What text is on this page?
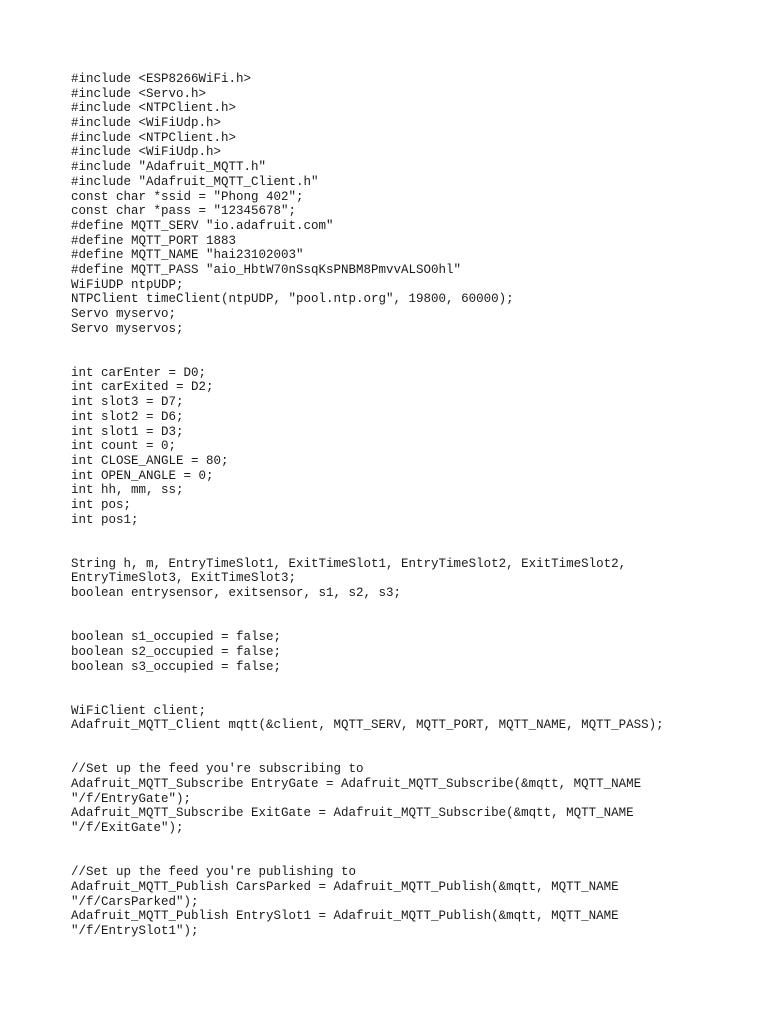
#include <ESP8266WiFi.h>
#include <Servo.h>
#include <NTPClient.h>
#include <WiFiUdp.h>
#include <NTPClient.h>
#include <WiFiUdp.h>
#include "Adafruit_MQTT.h"
#include "Adafruit_MQTT_Client.h"
const char *ssid = "Phong 402";
const char *pass = "12345678";
#define MQTT_SERV "io.adafruit.com"
#define MQTT_PORT 1883
#define MQTT_NAME "hai23102003"
#define MQTT_PASS "aio_HbtW70nSsqKsPNBM8PmvvALSO0hl"
WiFiUDP ntpUDP;
NTPClient timeClient(ntpUDP, "pool.ntp.org", 19800, 60000);
Servo myservo;
Servo myservos;
int carEnter = D0;
int carExited = D2;
int slot3 = D7;
int slot2 = D6;
int slot1 = D3;
int count = 0;
int CLOSE_ANGLE = 80;
int OPEN_ANGLE = 0;
int hh, mm, ss;
int pos;
int pos1;
String h, m, EntryTimeSlot1, ExitTimeSlot1, EntryTimeSlot2, ExitTimeSlot2,
EntryTimeSlot3, ExitTimeSlot3;
boolean entrysensor, exitsensor, s1, s2, s3;
boolean s1_occupied = false;
boolean s2_occupied = false;
boolean s3_occupied = false;
WiFiClient client;
Adafruit_MQTT_Client mqtt(&client, MQTT_SERV, MQTT_PORT, MQTT_NAME, MQTT_PASS);
//Set up the feed you're subscribing to
Adafruit_MQTT_Subscribe EntryGate = Adafruit_MQTT_Subscribe(&mqtt, MQTT_NAME
"/f/EntryGate");
Adafruit_MQTT_Subscribe ExitGate = Adafruit_MQTT_Subscribe(&mqtt, MQTT_NAME
"/f/ExitGate");
//Set up the feed you're publishing to
Adafruit_MQTT_Publish CarsParked = Adafruit_MQTT_Publish(&mqtt, MQTT_NAME
"/f/CarsParked");
Adafruit_MQTT_Publish EntrySlot1 = Adafruit_MQTT_Publish(&mqtt, MQTT_NAME
"/f/EntrySlot1");
